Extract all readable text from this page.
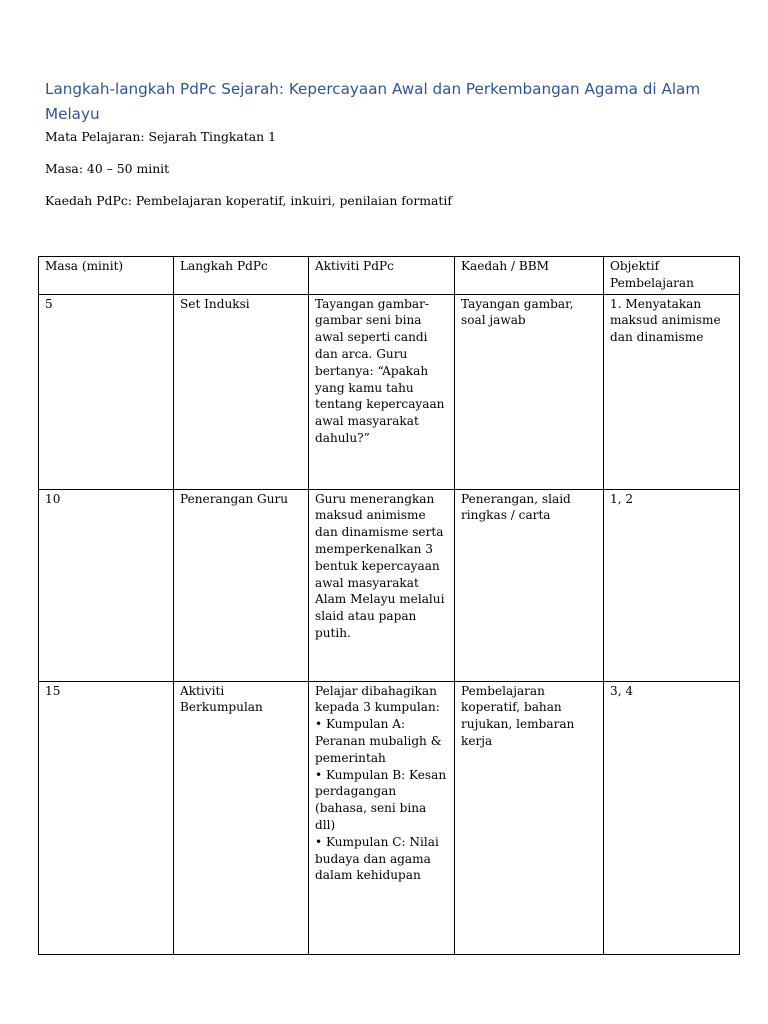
Langkah-langkah PdPc Sejarah: Kepercayaan Awal dan Perkembangan Agama di Alam Melayu

Mata Pelajaran: Sejarah Tingkatan 1

Masa: 40 – 50 minit

Kaedah PdPc: Pembelajaran koperatif, inkuiri, penilaian formatif

Masa (minit)	Langkah PdPc	Aktiviti PdPc	Kaedah / BBM	Objektif Pembelajaran
5	Set Induksi	Tayangan gambar-gambar seni bina awal seperti candi dan arca. Guru bertanya: “Apakah yang kamu tahu tentang kepercayaan awal masyarakat dahulu?”	Tayangan gambar, soal jawab	1. Menyatakan maksud animisme dan dinamisme
10	Penerangan Guru	Guru menerangkan maksud animisme dan dinamisme serta memperkenalkan 3 bentuk kepercayaan awal masyarakat Alam Melayu melalui slaid atau papan putih.	Penerangan, slaid ringkas / carta	1, 2
15	Aktiviti Berkumpulan	Pelajar dibahagikan kepada 3 kumpulan:
• Kumpulan A: Peranan mubaligh & pemerintah
• Kumpulan B: Kesan perdagangan (bahasa, seni bina dll)
• Kumpulan C: Nilai budaya dan agama dalam kehidupan	Pembelajaran koperatif, bahan rujukan, lembaran kerja	3, 4
